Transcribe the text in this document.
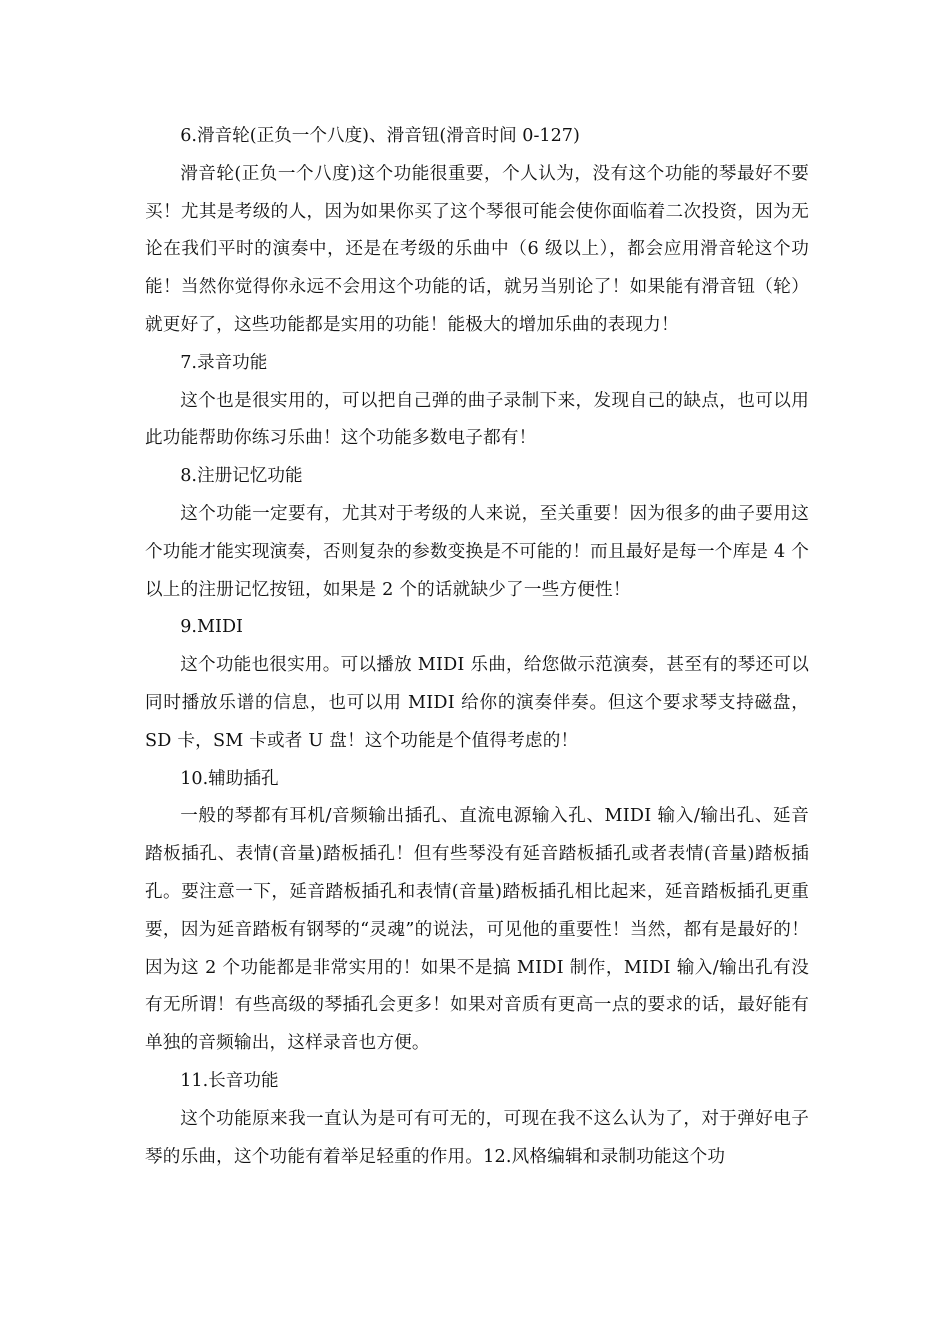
6.滑音轮(正负一个八度)、滑音钮(滑音时间 0-127)

滑音轮(正负一个八度)这个功能很重要，个人认为，没有这个功能的琴最好不要买！尤其是考级的人，因为如果你买了这个琴很可能会使你面临着二次投资，因为无论在我们平时的演奏中，还是在考级的乐曲中（6 级以上），都会应用滑音轮这个功能！当然你觉得你永远不会用这个功能的话，就另当别论了！如果能有滑音钮（轮）就更好了，这些功能都是实用的功能！能极大的增加乐曲的表现力！

7.录音功能

这个也是很实用的，可以把自己弹的曲子录制下来，发现自己的缺点，也可以用此功能帮助你练习乐曲！这个功能多数电子都有！

8.注册记忆功能

这个功能一定要有，尤其对于考级的人来说，至关重要！因为很多的曲子要用这个功能才能实现演奏，否则复杂的参数变换是不可能的！而且最好是每一个库是 4 个以上的注册记忆按钮，如果是 2 个的话就缺少了一些方便性！

9.MIDI

这个功能也很实用。可以播放 MIDI 乐曲，给您做示范演奏，甚至有的琴还可以同时播放乐谱的信息，也可以用 MIDI 给你的演奏伴奏。但这个要求琴支持磁盘，SD 卡，SM 卡或者 U 盘！这个功能是个值得考虑的！

10.辅助插孔

一般的琴都有耳机/音频输出插孔、直流电源输入孔、MIDI 输入/输出孔、延音踏板插孔、表情(音量)踏板插孔！但有些琴没有延音踏板插孔或者表情(音量)踏板插孔。要注意一下，延音踏板插孔和表情(音量)踏板插孔相比起来，延音踏板插孔更重要，因为延音踏板有钢琴的“灵魂”的说法，可见他的重要性！当然，都有是最好的！因为这 2 个功能都是非常实用的！如果不是搞 MIDI 制作，MIDI 输入/输出孔有没有无所谓！有些高级的琴插孔会更多！如果对音质有更高一点的要求的话，最好能有单独的音频输出，这样录音也方便。

11.长音功能

这个功能原来我一直认为是可有可无的，可现在我不这么认为了，对于弹好电子琴的乐曲，这个功能有着举足轻重的作用。12.风格编辑和录制功能这个功
